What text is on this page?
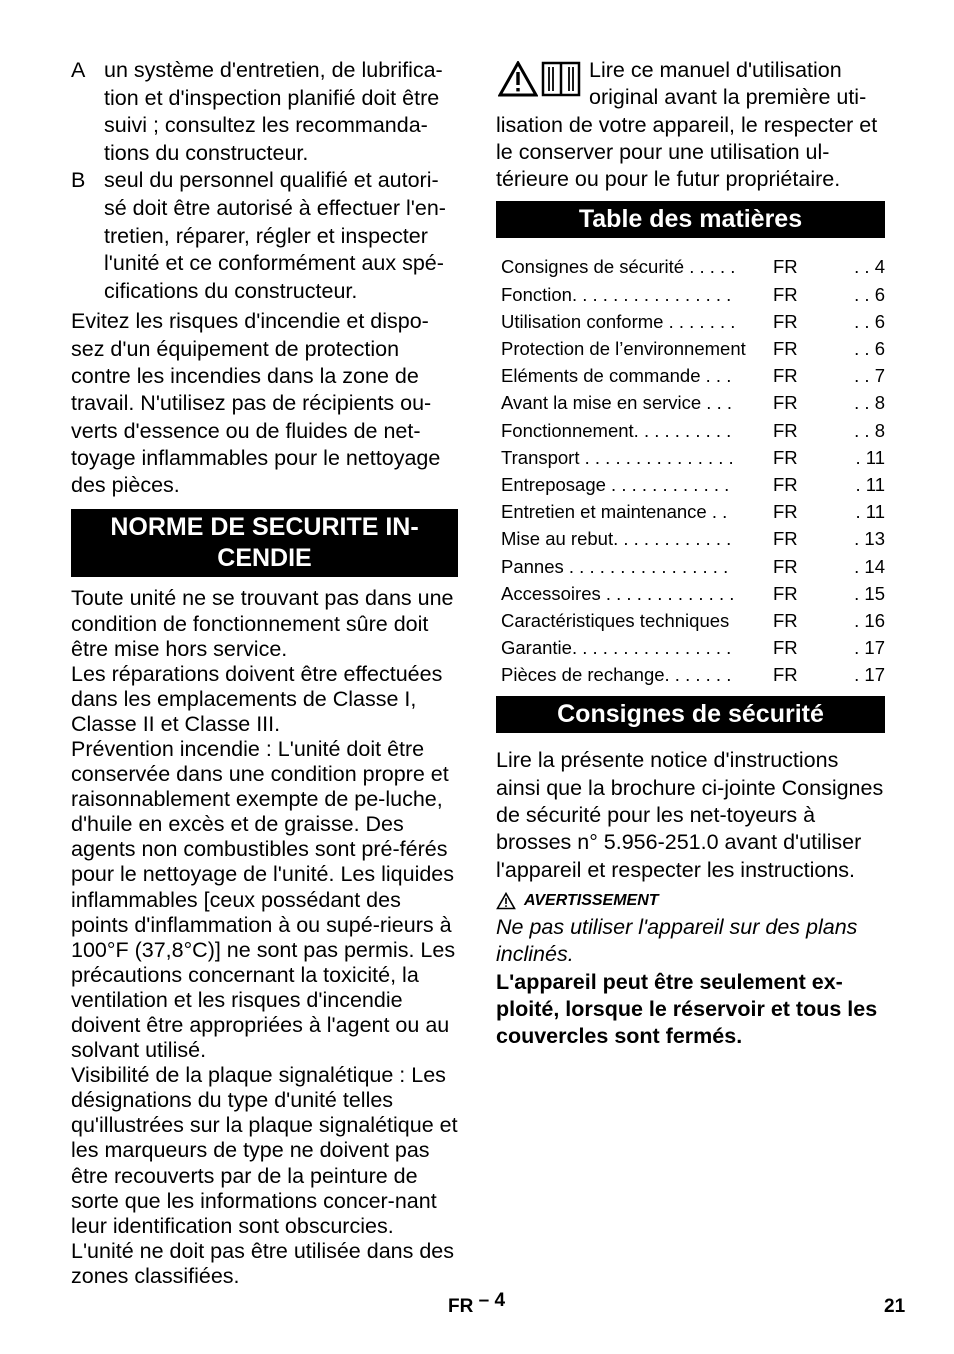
A un système d'entretien, de lubrifica-tion et d'inspection planifié doit être suivi ; consultez les recommanda-tions du constructeur.
B seul du personnel qualifié et autori-sé doit être autorisé à effectuer l'en-tretien, réparer, régler et inspecter l'unité et ce conformément aux spé-cifications du constructeur.

Evitez les risques d'incendie et dispo-sez d'un équipement de protection contre les incendies dans la zone de travail. N'utilisez pas de récipients ou-verts d'essence ou de fluides de net-toyage inflammables pour le nettoyage des pièces.

NORME DE SECURITE IN-CENDIE

Toute unité ne se trouvant pas dans une condition de fonctionnement sûre doit être mise hors service.

Les réparations doivent être effectuées dans les emplacements de Classe I, Classe II et Classe III.

Prévention incendie : L'unité doit être conservée dans une condition propre et raisonnablement exempte de pe-luche, d'huile en excès et de graisse. Des agents non combustibles sont pré-férés pour le nettoyage de l'unité. Les liquides inflammables [ceux possédant des points d'inflammation à ou supé-rieurs à 100°F (37,8°C)] ne sont pas permis. Les précautions concernant la toxicité, la ventilation et les risques d'incendie doivent être appropriées à l'agent ou au solvant utilisé.

Visibilité de la plaque signalétique : Les désignations du type d'unité telles qu'illustrées sur la plaque signalétique et les marqueurs de type ne doivent pas être recouverts par de la peinture de sorte que les informations concer-nant leur identification sont obscurcies.

L'unité ne doit pas être utilisée dans des zones classifiées.

Lire ce manuel d'utilisation original avant la première uti-lisation de votre appareil, le respecter et le conserver pour une utilisation ul-térieure ou pour le futur propriétaire.

Table des matières
Consignes de sécurité . . . . .	FR	. . 4
Fonction. . . . . . . . . . . . . . . .	FR	. . 6
Utilisation conforme . . . . . . .	FR	. . 6
Protection de l’environnement	FR	. . 6
Eléments de commande . . .	FR	. . 7
Avant la mise en service . . .	FR	. . 8
Fonctionnement. . . . . . . . . .	FR	. . 8
Transport . . . . . . . . . . . . . . .	FR	. 11
Entreposage . . . . . . . . . . . .	FR	. 11
Entretien et maintenance . .	FR	. 11
Mise au rebut. . . . . . . . . . . .	FR	. 13
Pannes . . . . . . . . . . . . . . . .	FR	. 14
Accessoires . . . . . . . . . . . . .	FR	. 15
Caractéristiques techniques	FR	. 16
Garantie. . . . . . . . . . . . . . . .	FR	. 17
Pièces de rechange. . . . . . .	FR	. 17
Consignes de sécurité

Lire la présente notice d'instructions ainsi que la brochure ci-jointe Consignes de sécurité pour les net-toyeurs à brosses n° 5.956-251.0 avant d'utiliser l'appareil et respecter les instructions.

AVERTISSEMENT

Ne pas utiliser l'appareil sur des plans inclinés.

L'appareil peut être seulement ex-ploité, lorsque le réservoir et tous les couvercles sont fermés.

FR – 4	21
